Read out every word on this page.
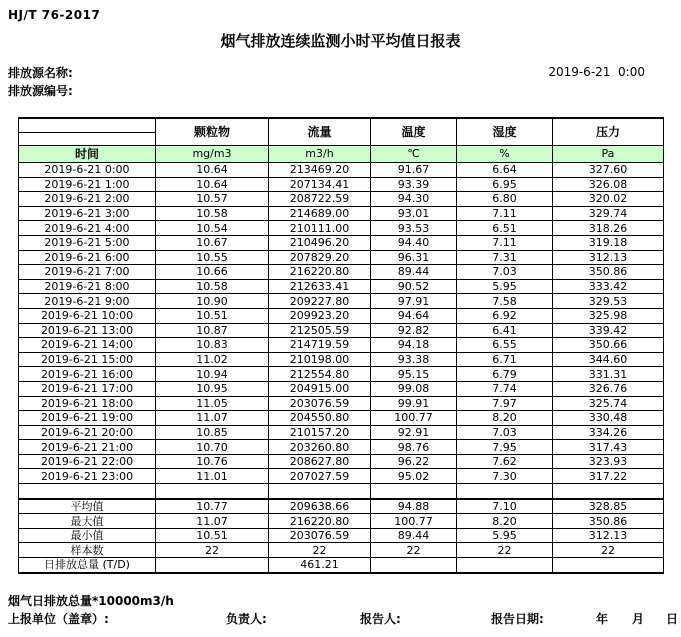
HJ/T 76-2017
烟气排放连续监测小时平均值日报表
排放源名称:	2019-6-21  0:00
排放源编号:
	颗粒物	流量	温度	湿度	压力

时间	mg/m3	m3/h	℃	%	Pa
2019-6-21 0:00	10.64	213469.20	91.67	6.64	327.60
2019-6-21 1:00	10.64	207134.41	93.39	6.95	326.08
2019-6-21 2:00	10.57	208722.59	94.30	6.80	320.02
2019-6-21 3:00	10.58	214689.00	93.01	7.11	329.74
2019-6-21 4:00	10.54	210111.00	93.53	6.51	318.26
2019-6-21 5:00	10.67	210496.20	94.40	7.11	319.18
2019-6-21 6:00	10.55	207829.20	96.31	7.31	312.13
2019-6-21 7:00	10.66	216220.80	89.44	7.03	350.86
2019-6-21 8:00	10.58	212633.41	90.52	5.95	333.42
2019-6-21 9:00	10.90	209227.80	97.91	7.58	329.53
2019-6-21 10:00	10.51	209923.20	94.64	6.92	325.98
2019-6-21 13:00	10.87	212505.59	92.82	6.41	339.42
2019-6-21 14:00	10.83	214719.59	94.18	6.55	350.66
2019-6-21 15:00	11.02	210198.00	93.38	6.71	344.60
2019-6-21 16:00	10.94	212554.80	95.15	6.79	331.31
2019-6-21 17:00	10.95	204915.00	99.08	7.74	326.76
2019-6-21 18:00	11.05	203076.59	99.91	7.97	325.74
2019-6-21 19:00	11.07	204550.80	100.77	8.20	330.48
2019-6-21 20:00	10.85	210157.20	92.91	7.03	334.26
2019-6-21 21:00	10.70	203260.80	98.76	7.95	317.43
2019-6-21 22:00	10.76	208627.80	96.22	7.62	323.93
2019-6-21 23:00	11.01	207027.59	95.02	7.30	317.22

平均值	10.77	209638.66	94.88	7.10	328.85
最大值	11.07	216220.80	100.77	8.20	350.86
最小值	10.51	203076.59	89.44	5.95	312.13
样本数	22	22	22	22	22
日排放总量 (T/D)		461.21			
烟气日排放总量*10000m3/h
上报单位（盖章）:	负责人:	报告人:	报告日期:	年 月 日
